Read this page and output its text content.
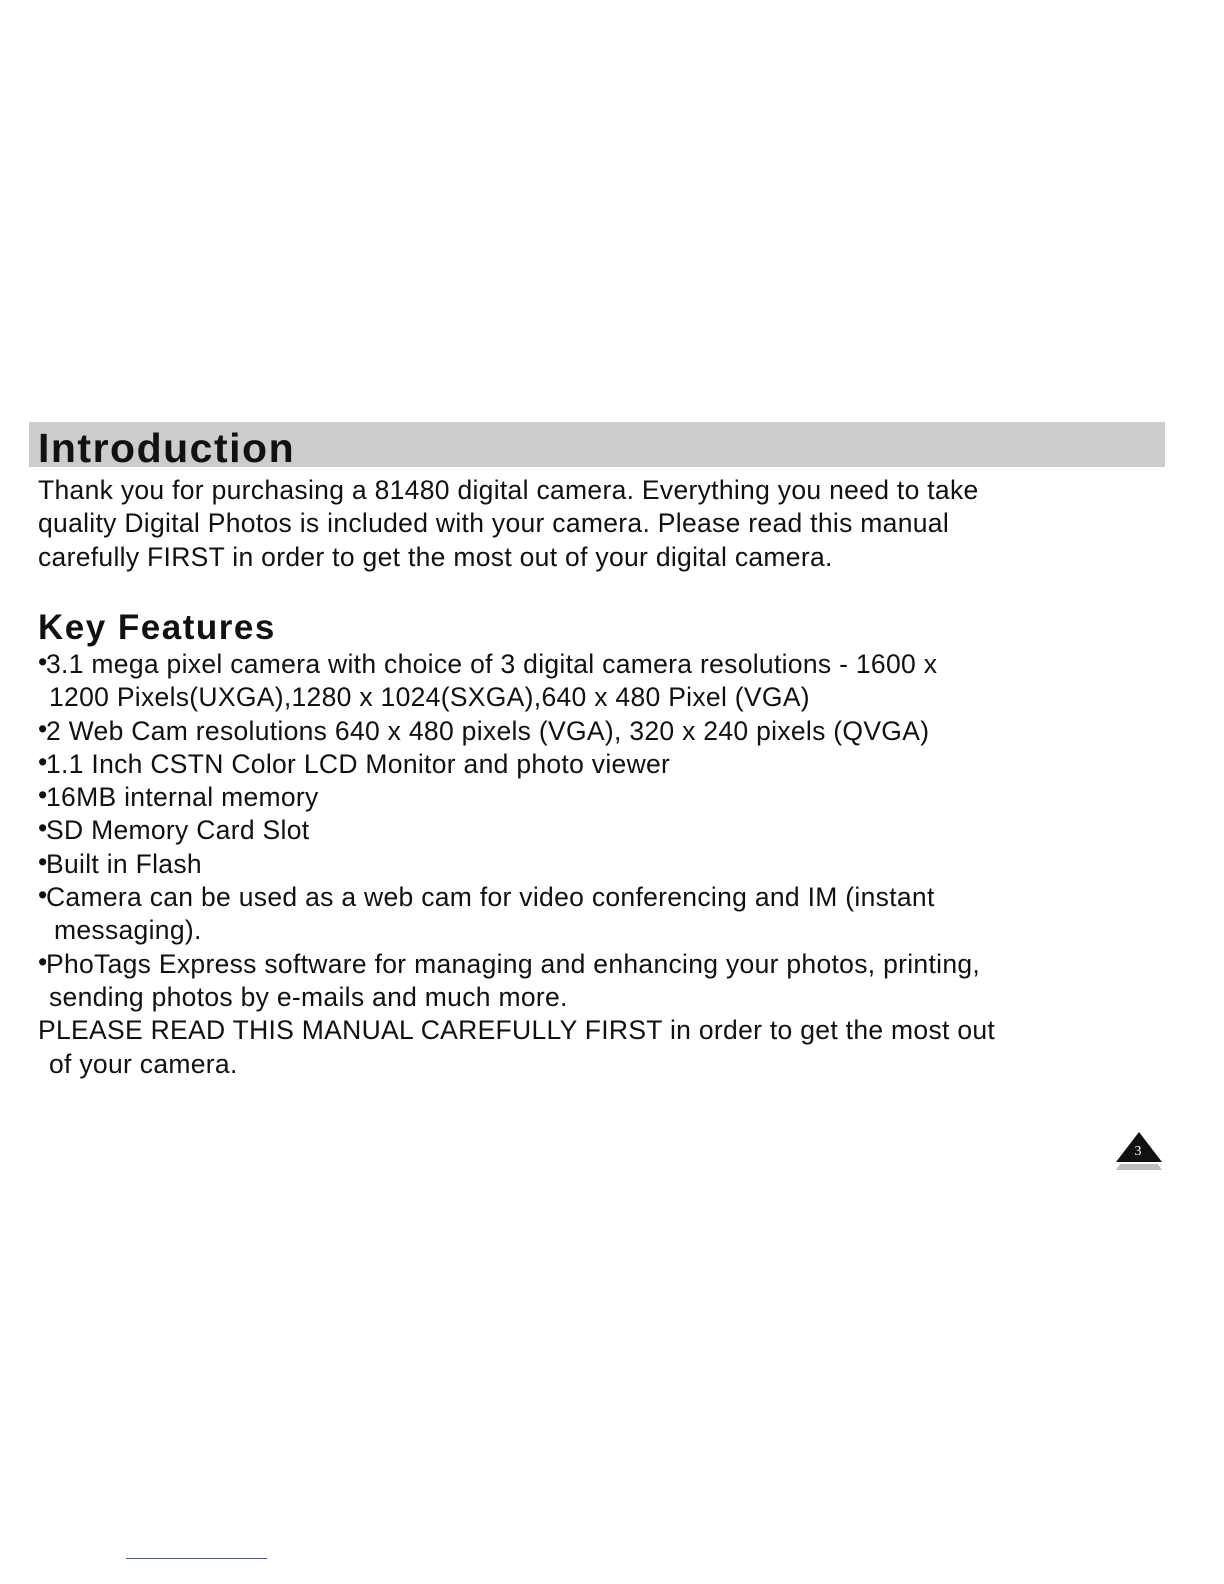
Introduction

Thank you for purchasing a 81480 digital camera. Everything you need to take
quality Digital Photos is included with your camera. Please read this manual
carefully FIRST in order to get the most out of your digital camera.

Key Features
•3.1 mega pixel camera with choice of 3 digital camera resolutions - 1600 x
1200 Pixels(UXGA),1280 x 1024(SXGA),640 x 480 Pixel (VGA)
•2 Web Cam resolutions 640 x 480 pixels (VGA), 320 x 240 pixels (QVGA)
•1.1 Inch CSTN Color LCD Monitor and photo viewer
•16MB internal memory
•SD Memory Card Slot
•Built in Flash
•Camera can be used as a web cam for video conferencing and IM (instant
messaging).
•PhoTags Express software for managing and enhancing your photos, printing,
sending photos by e-mails and much more.
PLEASE READ THIS MANUAL CAREFULLY FIRST in order to get the most out
of your camera.
3
